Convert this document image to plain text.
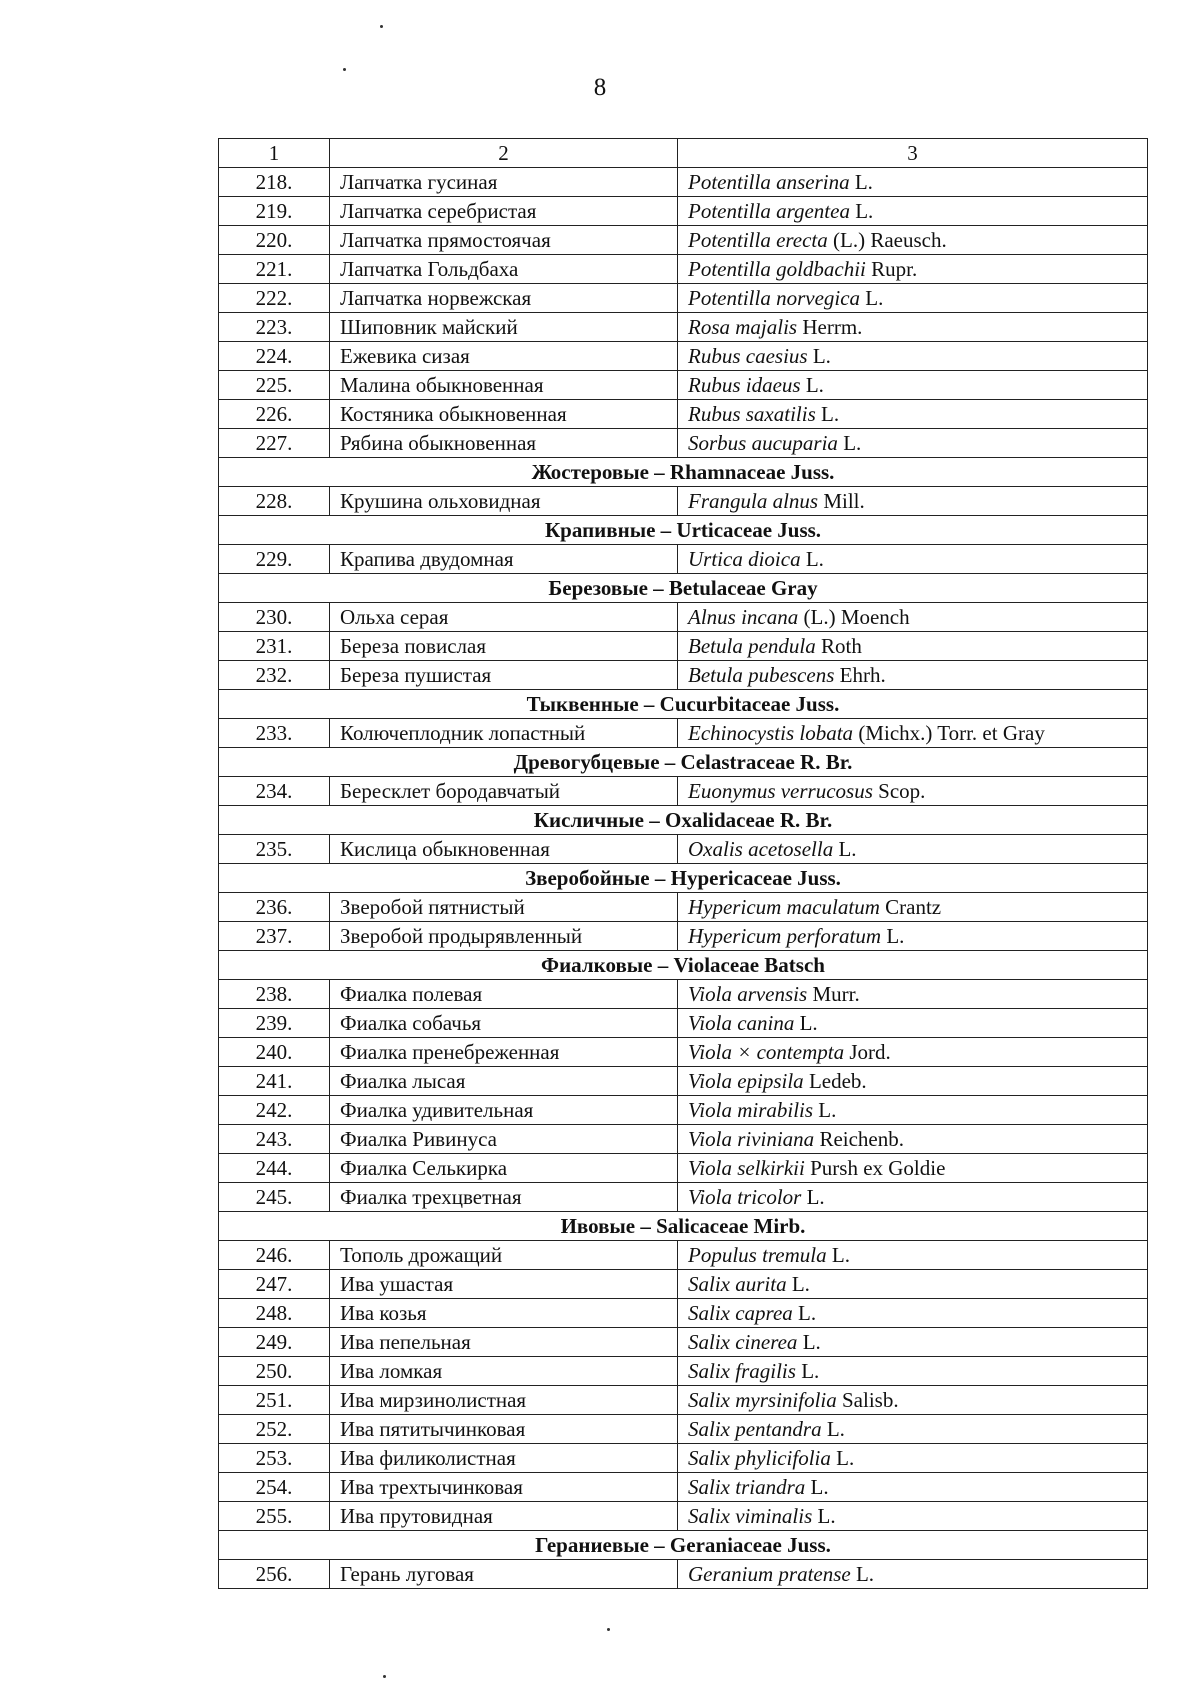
8
1	2	3
218.	Лапчатка гусиная	Potentilla anserina L.
219.	Лапчатка серебристая	Potentilla argentea L.
220.	Лапчатка прямостоячая	Potentilla erecta (L.) Raeusch.
221.	Лапчатка Гольдбаха	Potentilla goldbachii Rupr.
222.	Лапчатка норвежская	Potentilla norvegica L.
223.	Шиповник майский	Rosa majalis Herrm.
224.	Ежевика сизая	Rubus caesius L.
225.	Малина обыкновенная	Rubus idaeus L.
226.	Костяника обыкновенная	Rubus saxatilis L.
227.	Рябина обыкновенная	Sorbus aucuparia L.
Жостеровые – Rhamnaceae Juss.		
228.	Крушина ольховидная	Frangula alnus Mill.
Крапивные – Urticaceae Juss.		
229.	Крапива двудомная	Urtica dioica L.
Березовые – Betulaceae Gray		
230.	Ольха серая	Alnus incana (L.) Moench
231.	Береза повислая	Betula pendula Roth
232.	Береза пушистая	Betula pubescens Ehrh.
Тыквенные – Cucurbitaceae Juss.		
233.	Колючеплодник лопастный	Echinocystis lobata (Michx.) Torr. et Gray
Древогубцевые – Celastraceae R. Br.		
234.	Бересклет бородавчатый	Euonymus verrucosus Scop.
Кисличные – Oxalidaceae R. Br.		
235.	Кислица обыкновенная	Oxalis acetosella L.
Зверобойные – Hypericaceae Juss.		
236.	Зверобой пятнистый	Hypericum maculatum Crantz
237.	Зверобой продырявленный	Hypericum perforatum L.
Фиалковые – Violaceae Batsch		
238.	Фиалка полевая	Viola arvensis Murr.
239.	Фиалка собачья	Viola canina L.
240.	Фиалка пренебреженная	Viola × contempta Jord.
241.	Фиалка лысая	Viola epipsila Ledeb.
242.	Фиалка удивительная	Viola mirabilis L.
243.	Фиалка Ривинуса	Viola riviniana Reichenb.
244.	Фиалка Селькирка	Viola selkirkii Pursh ex Goldie
245.	Фиалка трехцветная	Viola tricolor L.
Ивовые – Salicaceae Mirb.		
246.	Тополь дрожащий	Populus tremula L.
247.	Ива ушастая	Salix aurita L.
248.	Ива козья	Salix caprea L.
249.	Ива пепельная	Salix cinerea L.
250.	Ива ломкая	Salix fragilis L.
251.	Ива мирзинолистная	Salix myrsinifolia Salisb.
252.	Ива пятитычинковая	Salix pentandra L.
253.	Ива филиколистная	Salix phylicifolia L.
254.	Ива трехтычинковая	Salix triandra L.
255.	Ива прутовидная	Salix viminalis L.
Гераниевые – Geraniaceae Juss.		
256.	Герань луговая	Geranium pratense L.
